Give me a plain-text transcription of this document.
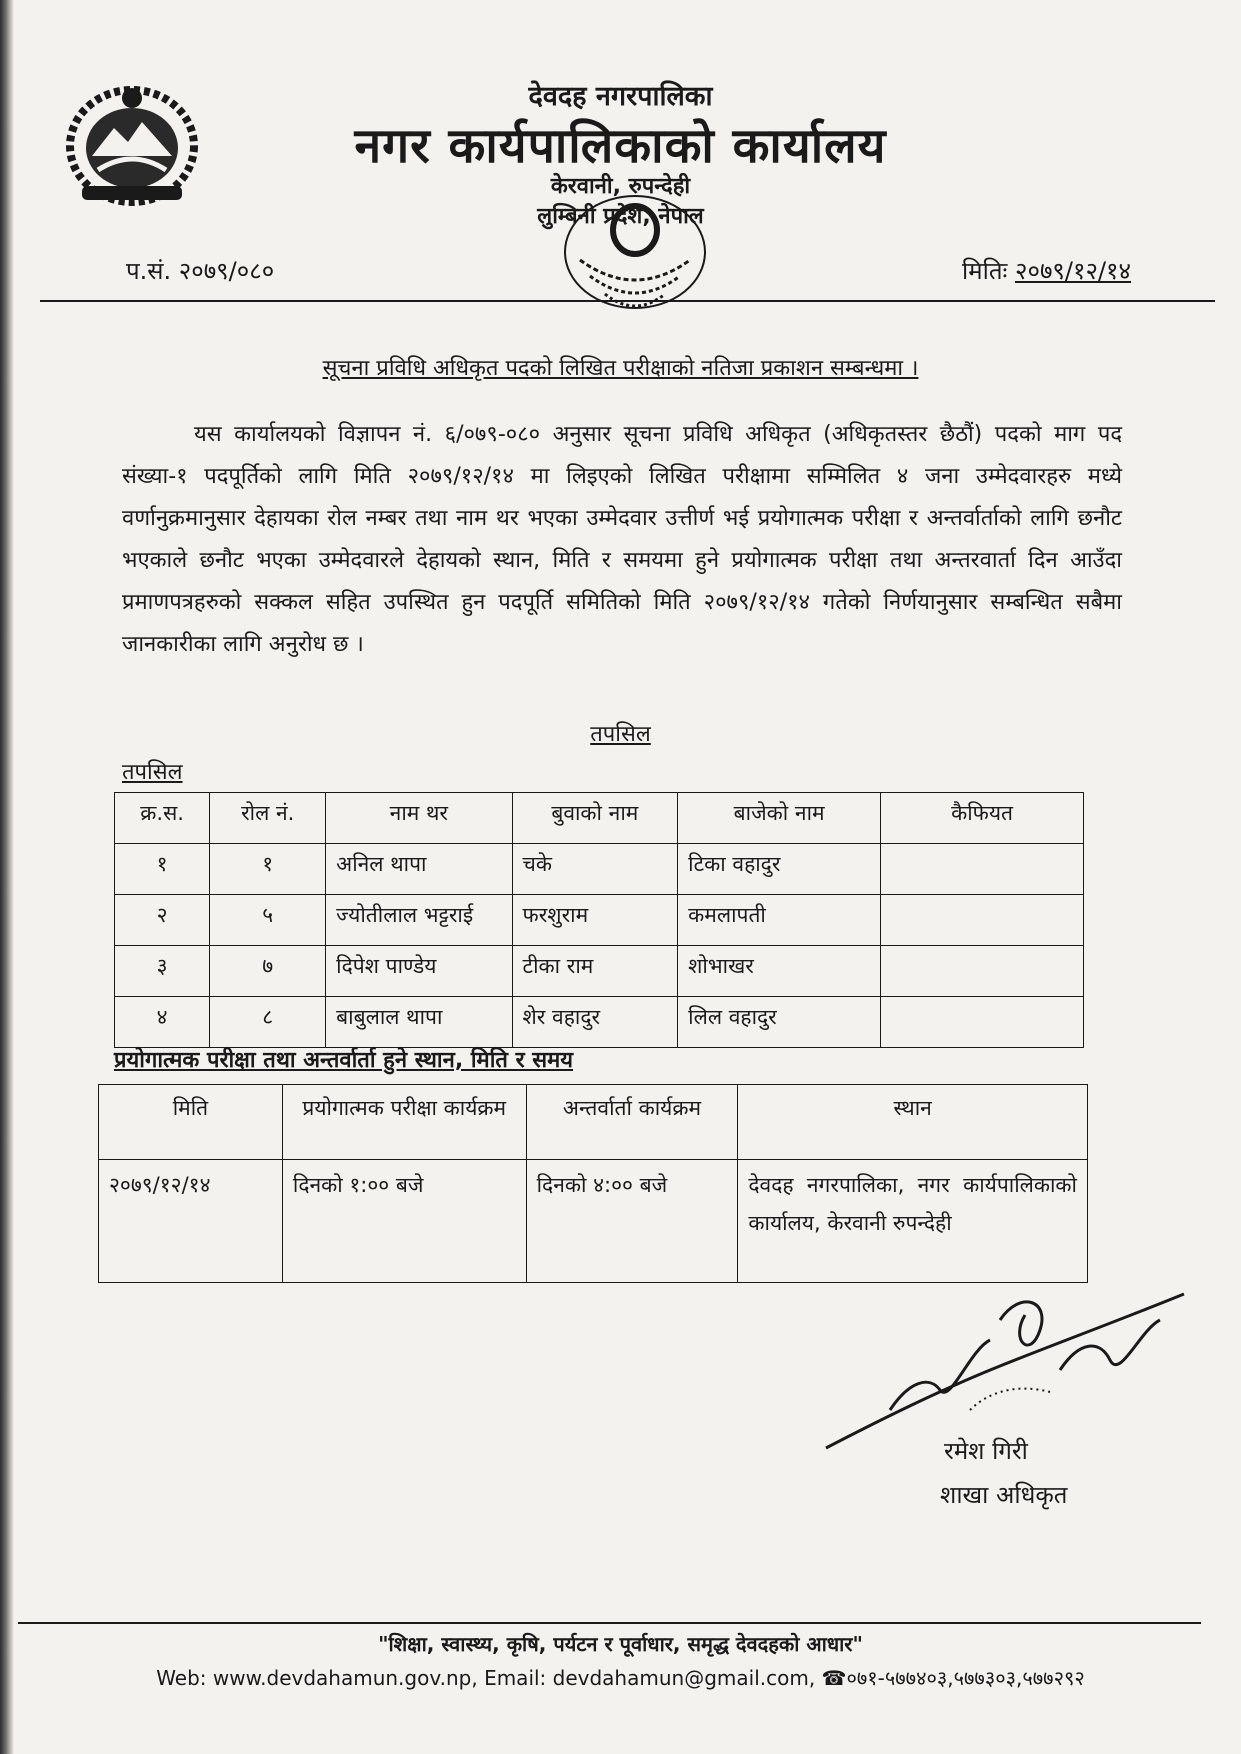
देवदह नगरपालिका
नगर कार्यपालिकाको कार्यालय
केरवानी, रुपन्देही
लुम्बिनी प्रदेश, नेपाल
प.सं. २०७९/०८०	मितिः २०७९/१२/१४
सूचना प्रविधि अधिकृत पदको लिखित परीक्षाको नतिजा प्रकाशन सम्बन्धमा ।
यस कार्यालयको विज्ञापन नं. ६/०७९-०८० अनुसार सूचना प्रविधि अधिकृत (अधिकृतस्तर छैठौं) पदको माग पद संख्या-१ पदपूर्तिको लागि मिति २०७९/१२/१४ मा लिइएको लिखित परीक्षामा सम्मिलित ४ जना उम्मेदवारहरु मध्ये वर्णानुक्रमानुसार देहायका रोल नम्बर तथा नाम थर भएका उम्मेदवार उत्तीर्ण भई प्रयोगात्मक परीक्षा र अन्तर्वार्ताको लागि छनौट भएकाले छनौट भएका उम्मेदवारले देहायको स्थान, मिति र समयमा हुने प्रयोगात्मक परीक्षा तथा अन्तरवार्ता दिन आउँदा प्रमाणपत्रहरुको सक्कल सहित उपस्थित हुन पदपूर्ति समितिको मिति २०७९/१२/१४ गतेको निर्णयानुसार सम्बन्धित सबैमा जानकारीका लागि अनुरोध छ ।
तपसिल
तपसिल
क्र.स.	रोल नं.	नाम थर	बुवाको नाम	बाजेको नाम	कैफियत
१	१	अनिल थापा	चके	टिका वहादुर	
२	५	ज्योतीलाल भट्टराई	फरशुराम	कमलापती	
३	७	दिपेश पाण्डेय	टीका राम	शोभाखर	
४	८	बाबुलाल थापा	शेर वहादुर	लिल वहादुर	
प्रयोगात्मक परीक्षा तथा अन्तर्वार्ता हुने स्थान, मिति र समय
मिति	प्रयोगात्मक परीक्षा कार्यक्रम	अन्तर्वार्ता कार्यक्रम	स्थान
२०७९/१२/१४	दिनको १:०० बजे	दिनको ४:०० बजे	देवदह नगरपालिका, नगर कार्यपालिकाको कार्यालय, केरवानी रुपन्देही
रमेश गिरी
शाखा अधिकृत
"शिक्षा, स्वास्थ्य, कृषि, पर्यटन र पूर्वाधार, समृद्ध देवदहको आधार"
Web: www.devdahamun.gov.np, Email: devdahamun@gmail.com, ☎०७१-५७७४०३,५७७३०३,५७७२९२
